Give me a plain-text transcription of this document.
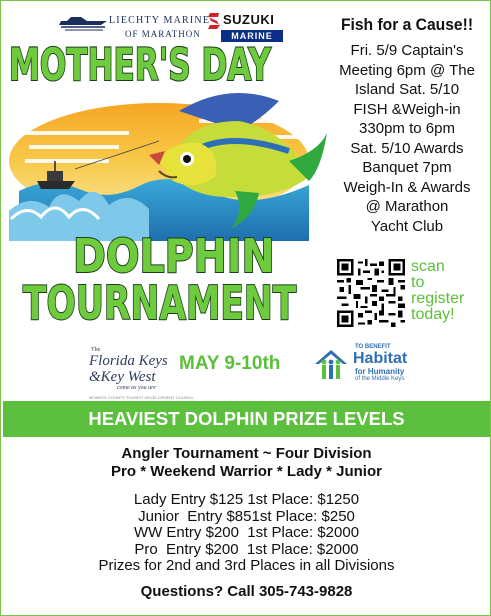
LIECHTY MARINE
OF MARATHON
SUZUKI
MARINE
MOTHER'S DAY
DOLPHIN
TOURNAMENT
Fish for a Cause!!
Fri. 5/9 Captain's
Meeting 6pm @ The
Island Sat. 5/10
FISH &Weigh-in
330pm to 6pm
Sat. 5/10 Awards
Banquet 7pm
Weigh-In & Awards
@ Marathon
Yacht Club
scan
to
register
today!
The
Florida Keys
&Key West
come as you are
MONROE COUNTY TOURIST DEVELOPMENT COUNCIL
MAY 9-10th
TO BENEFIT
Habitat
for Humanity
of the Middle Keys
HEAVIEST DOLPHIN PRIZE LEVELS
Angler Tournament ~ Four Division
Pro * Weekend Warrior * Lady * Junior
Lady Entry $125 1st Place: $1250
Junior  Entry $851st Place: $250
WW Entry $200  1st Place: $2000
Pro  Entry $200  1st Place: $2000
Prizes for 2nd and 3rd Places in all Divisions
Questions? Call 305-743-9828
